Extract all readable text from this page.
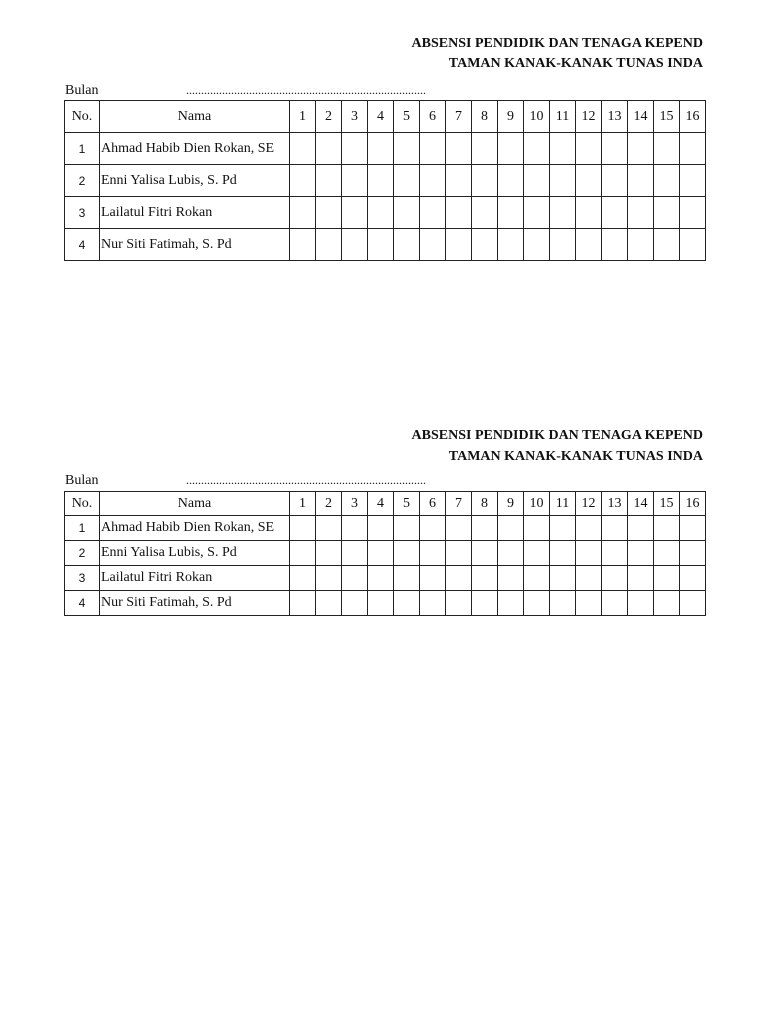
ABSENSI PENDIDIK DAN TENAGA KEPEND
TAMAN KANAK-KANAK TUNAS INDA
Bulan	................................................................................
No.	Nama	1	2	3	4	5	6	7	8	9	10	11	12	13	14	15	16
1	Ahmad Habib Dien Rokan, SE																
2	Enni Yalisa Lubis, S. Pd																
3	Lailatul Fitri Rokan																
4	Nur Siti Fatimah, S. Pd																
ABSENSI PENDIDIK DAN TENAGA KEPEND
TAMAN KANAK-KANAK TUNAS INDA
Bulan	................................................................................
No.	Nama	1	2	3	4	5	6	7	8	9	10	11	12	13	14	15	16
1	Ahmad Habib Dien Rokan, SE																
2	Enni Yalisa Lubis, S. Pd																
3	Lailatul Fitri Rokan																
4	Nur Siti Fatimah, S. Pd																
